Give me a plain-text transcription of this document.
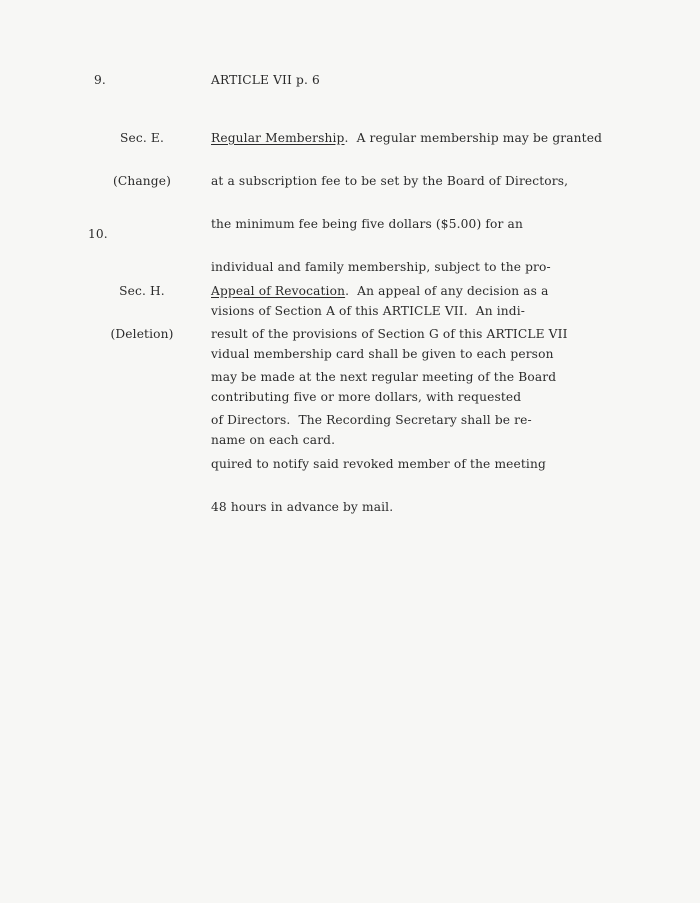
9.	ARTICLE VII p. 6

Sec. E.

(Change)

Regular Membership.  A regular membership may be granted

at a subscription fee to be set by the Board of Directors,

the minimum fee being five dollars ($5.00) for an

individual and family membership, subject to the pro-

visions of Section A of this ARTICLE VII.  An indi-

vidual membership card shall be given to each person

contributing five or more dollars, with requested

name on each card.

10.

Sec. H.

(Deletion)

Appeal of Revocation.  An appeal of any decision as a

result of the provisions of Section G of this ARTICLE VII

may be made at the next regular meeting of the Board

of Directors.  The Recording Secretary shall be re-

quired to notify said revoked member of the meeting

48 hours in advance by mail.
